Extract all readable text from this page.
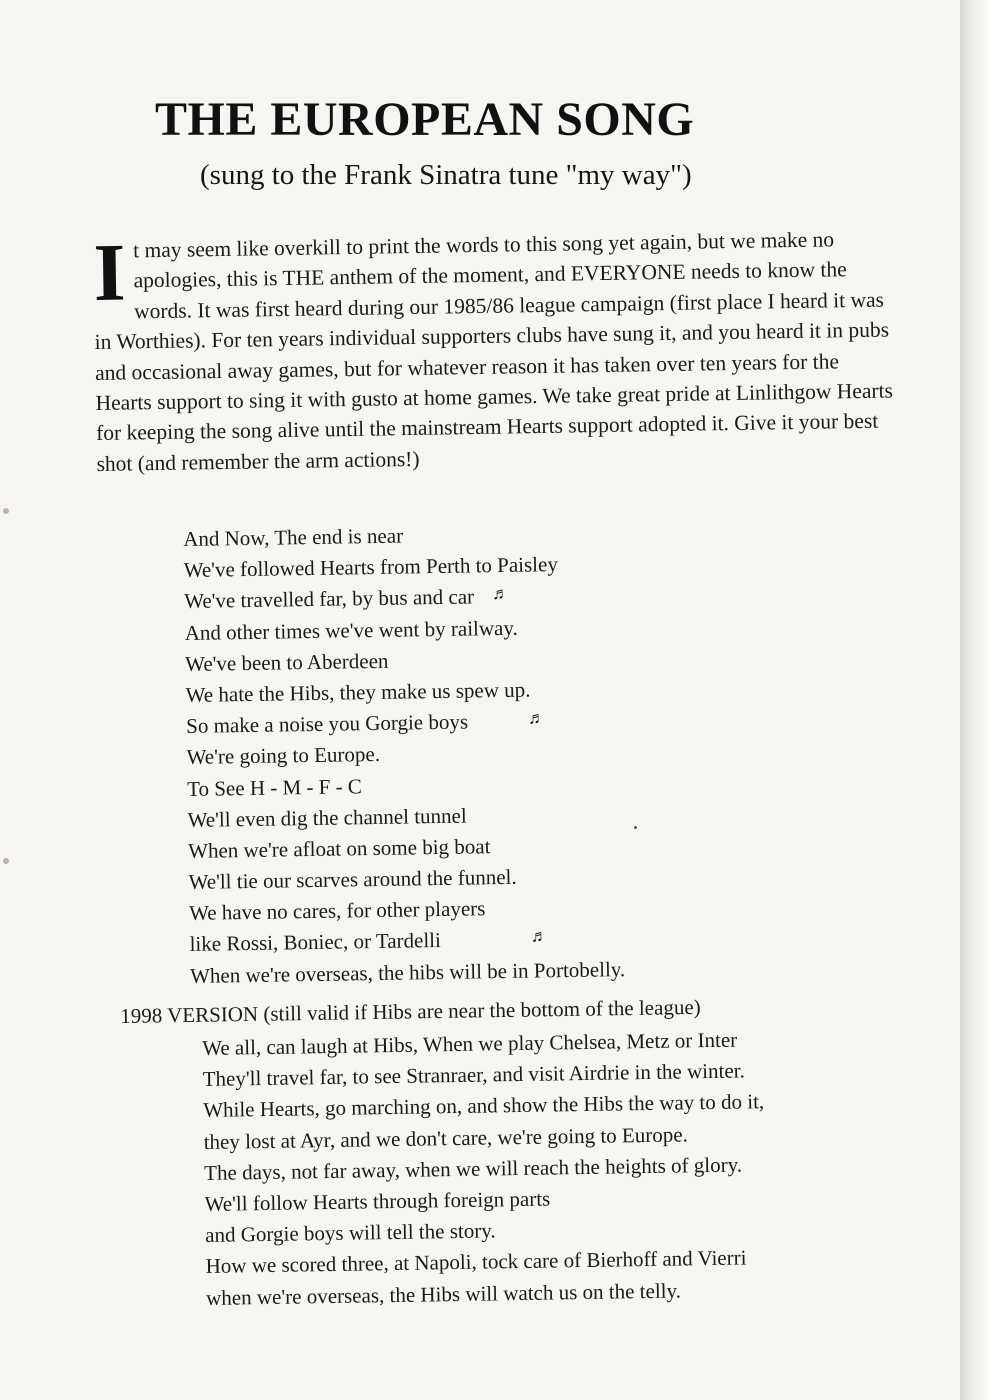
THE EUROPEAN SONG
(sung to the Frank Sinatra tune "my way")

It may seem like overkill to print the words to this song yet again, but we make no apologies, this is THE anthem of the moment, and EVERYONE needs to know the words. It was first heard during our 1985/86 league campaign (first place I heard it was in Worthies). For ten years individual supporters clubs have sung it, and you heard it in pubs and occasional away games, but for whatever reason it has taken over ten years for the Hearts support to sing it with gusto at home games. We take great pride at Linlithgow Hearts for keeping the song alive until the mainstream Hearts support adopted it. Give it your best shot (and remember the arm actions!)

And Now, The end is near
We've followed Hearts from Perth to Paisley
We've travelled far, by bus and car ♬
And other times we've went by railway.
We've been to Aberdeen
We hate the Hibs, they make us spew up.
So make a noise you Gorgie boys	♬
We're going to Europe.
To See H - M - F - C
We'll even dig the channel tunnel
When we're afloat on some big boat
We'll tie our scarves around the funnel.
We have no cares, for other players
like Rossi, Boniec, or Tardelli	♬
When we're overseas, the hibs will be in Portobelly.
1998 VERSION (still valid if Hibs are near the bottom of the league)
We all, can laugh at Hibs, When we play Chelsea, Metz or Inter
They'll travel far, to see Stranraer, and visit Airdrie in the winter.
While Hearts, go marching on, and show the Hibs the way to do it,
they lost at Ayr, and we don't care, we're going to Europe.
The days, not far away, when we will reach the heights of glory.
We'll follow Hearts through foreign parts
and Gorgie boys will tell the story.
How we scored three, at Napoli, tock care of Bierhoff and Vierri
when we're overseas, the Hibs will watch us on the telly.
